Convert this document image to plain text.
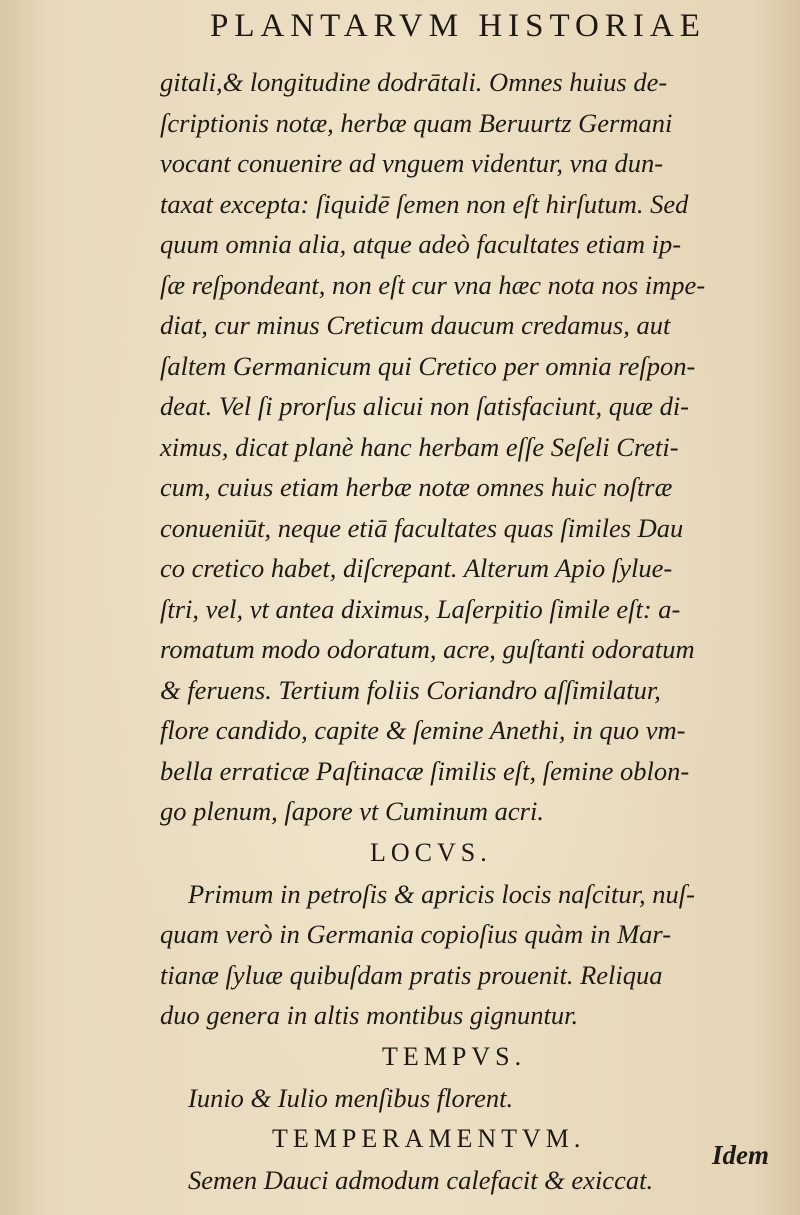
PLANTARVM HISTORIAE
gitali,& longitudine dodrātali. Omnes huius de-
ſcriptionis notæ, herbæ quam Beruurtz Germani
vocant conuenire ad vnguem videntur, vna dun-
taxat excepta: ſiquidē ſemen non eſt hirſutum. Sed
quum omnia alia, atque adeò facultates etiam ip-
ſæ reſpondeant, non eſt cur vna hæc nota nos impe-
diat, cur minus Creticum daucum credamus, aut
ſaltem Germanicum qui Cretico per omnia reſpon-
deat. Vel ſi prorſus alicui non ſatisfaciunt, quæ di-
ximus, dicat planè hanc herbam eſſe Seſeli Creti-
cum, cuius etiam herbæ notæ omnes huic noſtræ
conueniūt, neque etiā facultates quas ſimiles Dau
co cretico habet, diſcrepant. Alterum Apio ſylue-
ſtri, vel, vt antea diximus, Laſerpitio ſimile eſt: a-
romatum modo odoratum, acre, guſtanti odoratum
& feruens. Tertium foliis Coriandro aſſimilatur,
flore candido, capite & ſemine Anethi, in quo vm-
bella erraticæ Paſtinacæ ſimilis eſt, ſemine oblon-
go plenum, ſapore vt Cuminum acri.
LOCVS.
Primum in petroſis & apricis locis naſcitur, nuſ-
quam verò in Germania copioſius quàm in Mar-
tianæ ſyluæ quibuſdam pratis prouenit. Reliqua
duo genera in altis montibus gignuntur.
TEMPVS.
Iunio & Iulio menſibus florent.
TEMPERAMENTVM.
Semen Dauci admodum calefacit & exiccat.
Idem
